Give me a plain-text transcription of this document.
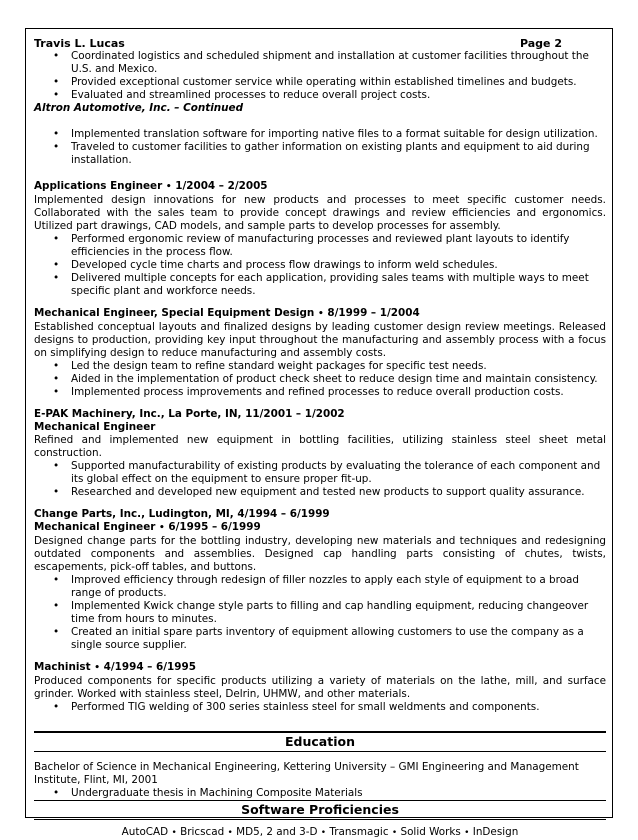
Travis L. Lucas	Page 2
• Coordinated logistics and scheduled shipment and installation at customer facilities throughout the U.S. and Mexico.
• Provided exceptional customer service while operating within established timelines and budgets.
• Evaluated and streamlined processes to reduce overall project costs.
Altron Automotive, Inc. – Continued
• Implemented translation software for importing native files to a format suitable for design utilization.
• Traveled to customer facilities to gather information on existing plants and equipment to aid during installation.
Applications Engineer • 1/2004 – 2/2005

Implemented design innovations for new products and processes to meet specific customer needs. Collaborated with the sales team to provide concept drawings and review efficiencies and ergonomics. Utilized part drawings, CAD models, and sample parts to develop processes for assembly.

• Performed ergonomic review of manufacturing processes and reviewed plant layouts to identify efficiencies in the process flow.
• Developed cycle time charts and process flow drawings to inform weld schedules.
• Delivered multiple concepts for each application, providing sales teams with multiple ways to meet specific plant and workforce needs.
Mechanical Engineer, Special Equipment Design • 8/1999 – 1/2004

Established conceptual layouts and finalized designs by leading customer design review meetings. Released designs to production, providing key input throughout the manufacturing and assembly process with a focus on simplifying design to reduce manufacturing and assembly costs.

• Led the design team to refine standard weight packages for specific test needs.
• Aided in the implementation of product check sheet to reduce design time and maintain consistency.
• Implemented process improvements and refined processes to reduce overall production costs.
E-PAK Machinery, Inc., La Porte, IN, 11/2001 – 1/2002
Mechanical Engineer

Refined and implemented new equipment in bottling facilities, utilizing stainless steel sheet metal construction.

• Supported manufacturability of existing products by evaluating the tolerance of each component and its global effect on the equipment to ensure proper fit-up.
• Researched and developed new equipment and tested new products to support quality assurance.
Change Parts, Inc., Ludington, MI, 4/1994 – 6/1999
Mechanical Engineer • 6/1995 – 6/1999

Designed change parts for the bottling industry, developing new materials and techniques and redesigning outdated components and assemblies. Designed cap handling parts consisting of chutes, twists, escapements, pick-off tables, and buttons.

• Improved efficiency through redesign of filler nozzles to apply each style of equipment to a broad range of products.
• Implemented Kwick change style parts to filling and cap handling equipment, reducing changeover time from hours to minutes.
• Created an initial spare parts inventory of equipment allowing customers to use the company as a single source supplier.
Machinist • 4/1994 – 6/1995

Produced components for specific products utilizing a variety of materials on the lathe, mill, and surface grinder. Worked with stainless steel, Delrin, UHMW, and other materials.

• Performed TIG welding of 300 series stainless steel for small weldments and components.
Education
Bachelor of Science in Mechanical Engineering, Kettering University – GMI Engineering and Management Institute, Flint, MI, 2001
• Undergraduate thesis in Machining Composite Materials
Software Proficiencies
AutoCAD • Bricscad • MD5, 2 and 3-D • Transmagic • Solid Works • InDesign
